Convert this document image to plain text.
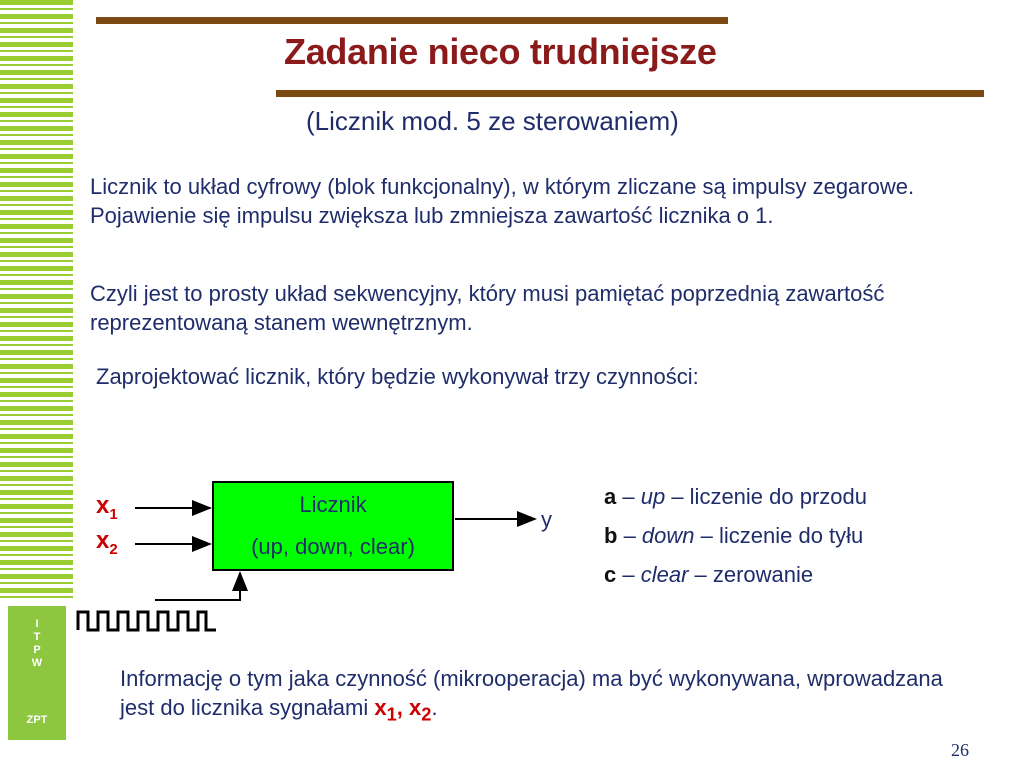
I
T
P
W
ZPT
Zadanie nieco trudniejsze
(Licznik mod. 5 ze sterowaniem)

Licznik to układ cyfrowy (blok funkcjonalny), w którym zliczane są impulsy zegarowe. Pojawienie się impulsu zwiększa lub zmniejsza zawartość licznika o 1.

Czyli jest to prosty układ sekwencyjny, który musi pamiętać poprzednią zawartość reprezentowaną stanem wewnętrznym.

Zaprojektować licznik, który będzie wykonywał trzy czynności:

$x_1$
$x_2$
Licznik
(up, down, clear)
y
a – up – liczenie do przodu
b – down – liczenie do tyłu
c – clear – zerowanie

Informację o tym jaka czynność (mikrooperacja) ma być wykonywana, wprowadzana jest do licznika sygnałami $x_1$, $x_2$.

26
